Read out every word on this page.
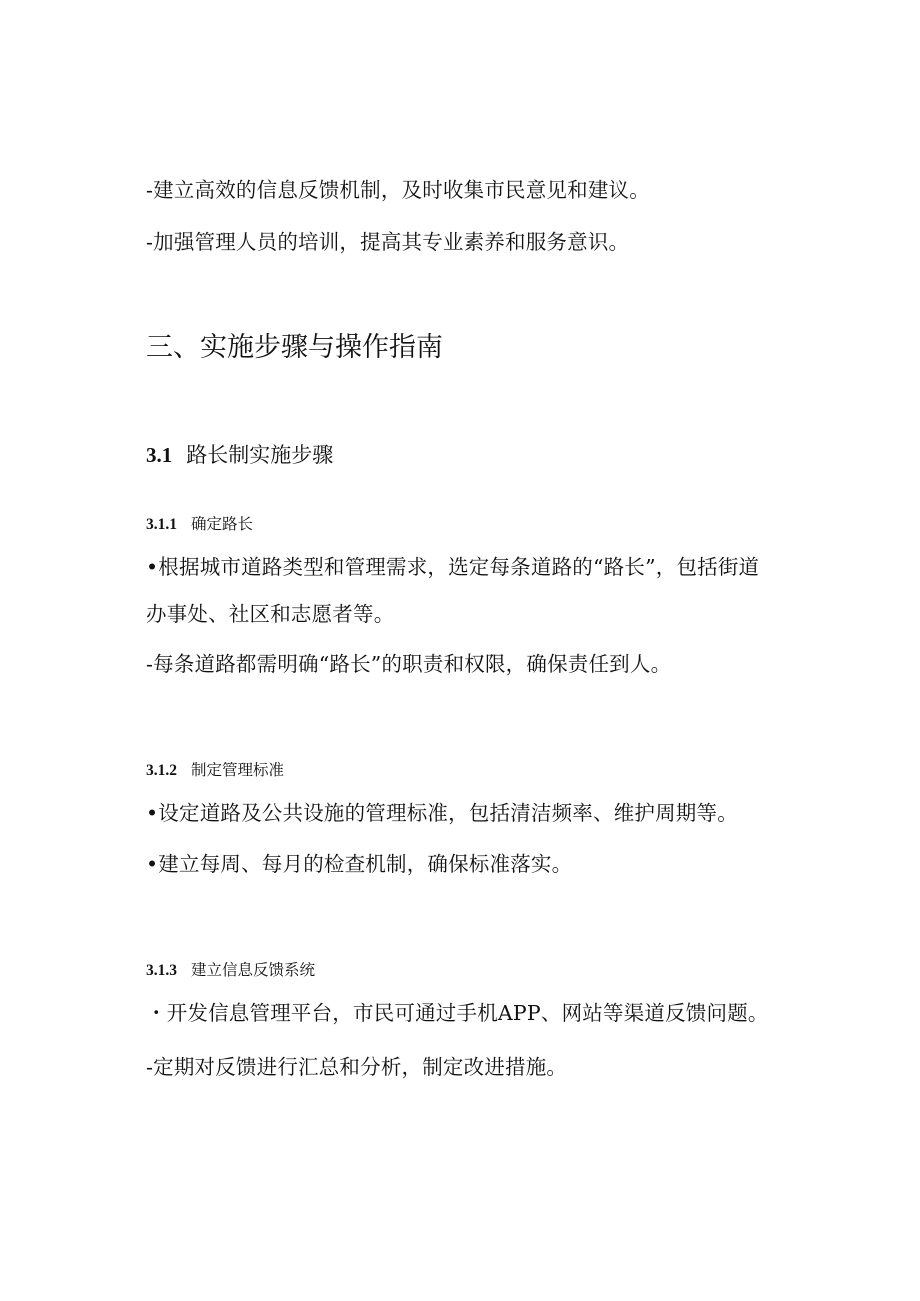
-建立高效的信息反馈机制，及时收集市民意见和建议。
-加强管理人员的培训，提高其专业素养和服务意识。
三、实施步骤与操作指南
3.1 路长制实施步骤
3.1.1 确定路长
•根据城市道路类型和管理需求，选定每条道路的“路长”，包括街道
办事处、社区和志愿者等。
-每条道路都需明确“路长”的职责和权限，确保责任到人。
3.1.2 制定管理标准
•设定道路及公共设施的管理标准，包括清洁频率、维护周期等。
•建立每周、每月的检查机制，确保标准落实。
3.1.3 建立信息反馈系统
・开发信息管理平台，市民可通过手机APP、网站等渠道反馈问题。
-定期对反馈进行汇总和分析，制定改进措施。
